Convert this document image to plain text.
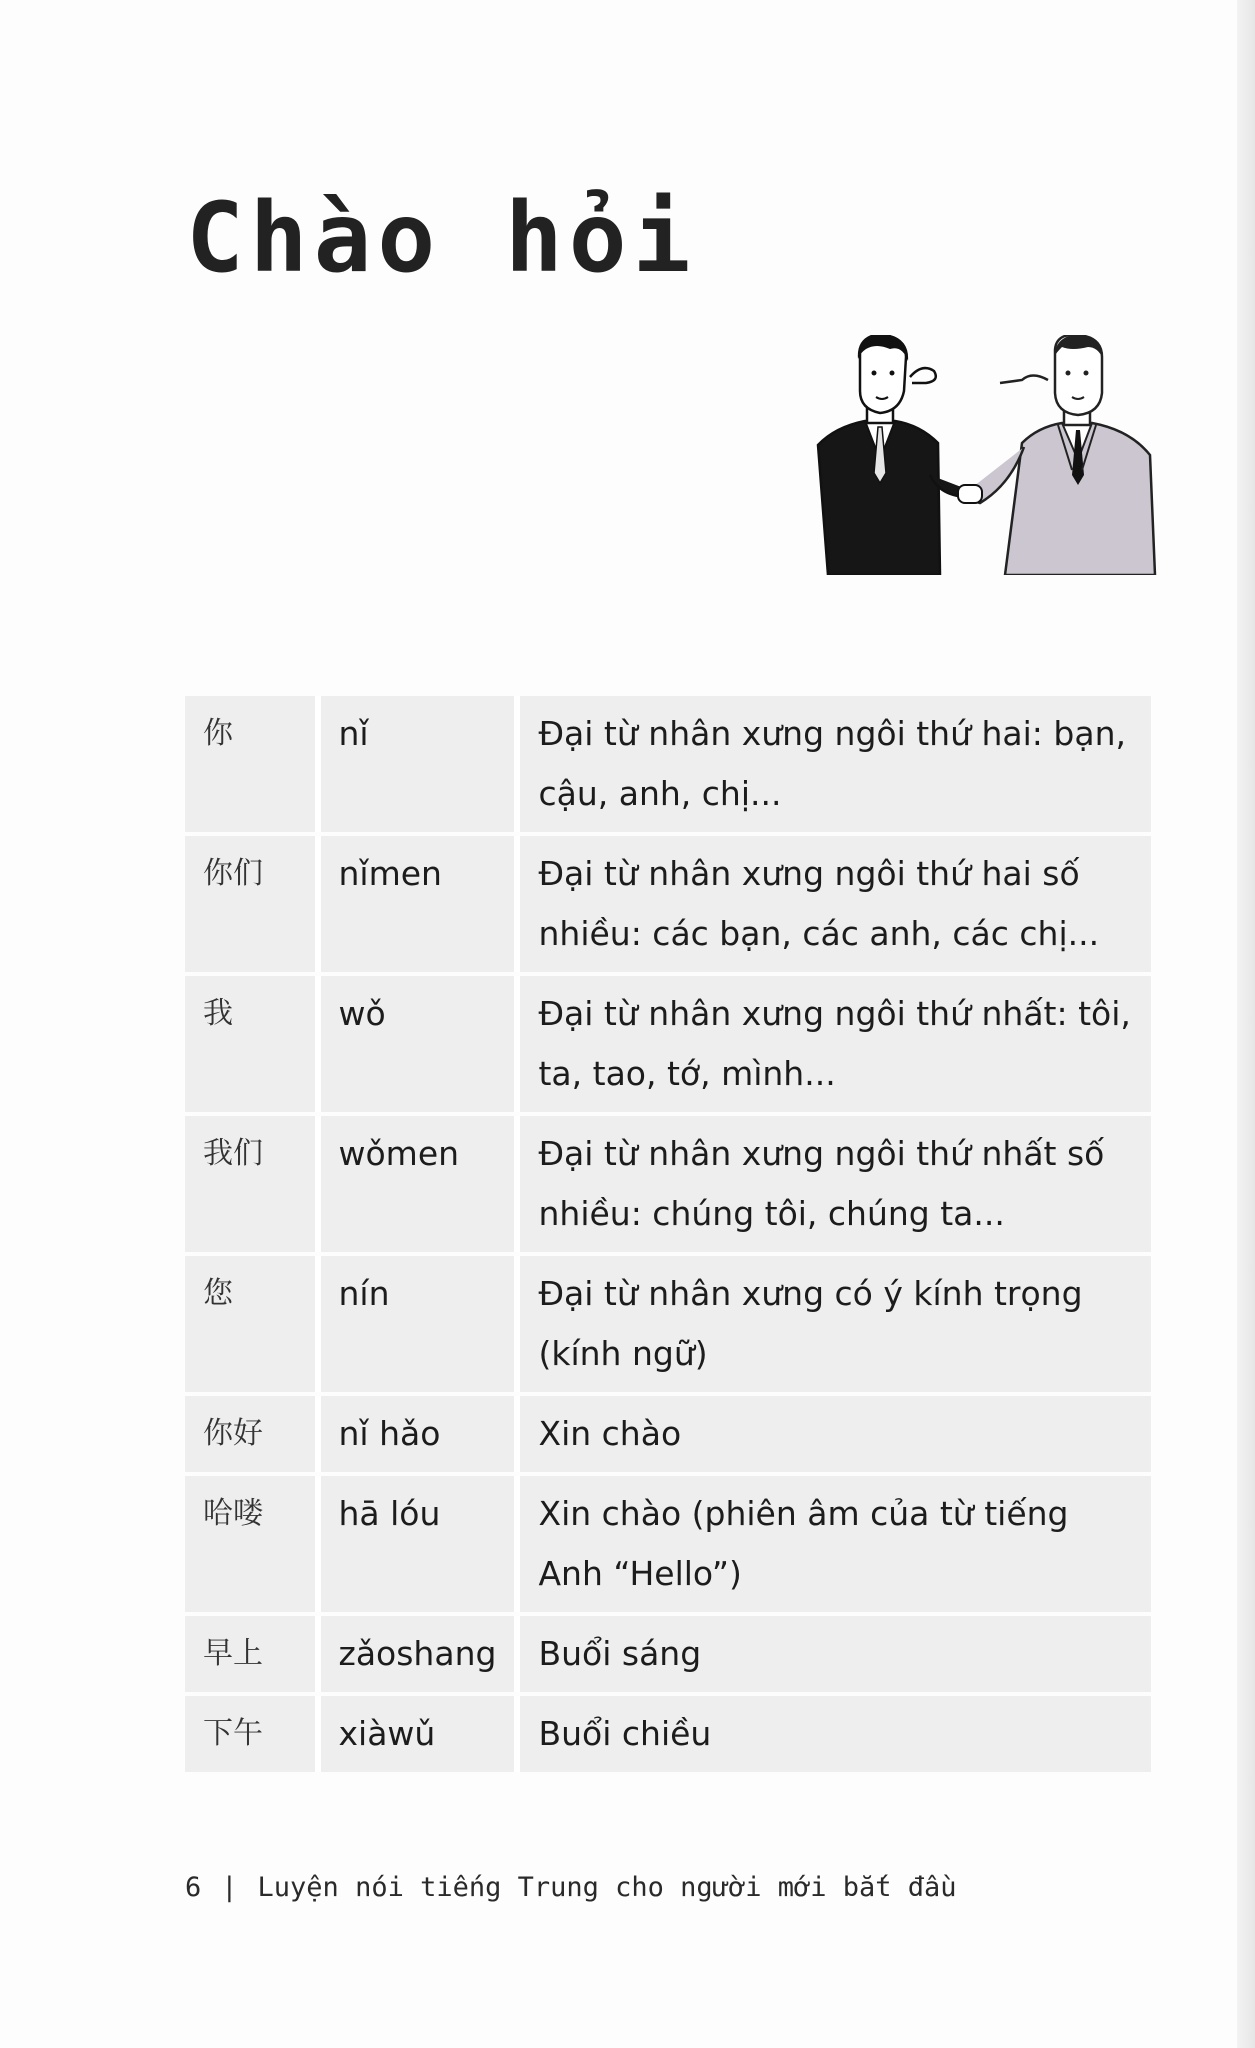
Chào hỏi
你	nǐ	Đại từ nhân xưng ngôi thứ hai: bạn, cậu, anh, chị...
你们	nǐmen	Đại từ nhân xưng ngôi thứ hai số nhiều: các bạn, các anh, các chị...
我	wǒ	Đại từ nhân xưng ngôi thứ nhất: tôi, ta, tao, tớ, mình...
我们	wǒmen	Đại từ nhân xưng ngôi thứ nhất số nhiều: chúng tôi, chúng ta...
您	nín	Đại từ nhân xưng có ý kính trọng (kính ngữ)
你好	nǐ hǎo	Xin chào
哈喽	hā lóu	Xin chào (phiên âm của từ tiếng Anh “Hello”)
早上	zǎoshang	Buổi sáng
下午	xiàwǔ	Buổi chiều
6 | Luyện nói tiếng Trung cho người mới bắt đầu
